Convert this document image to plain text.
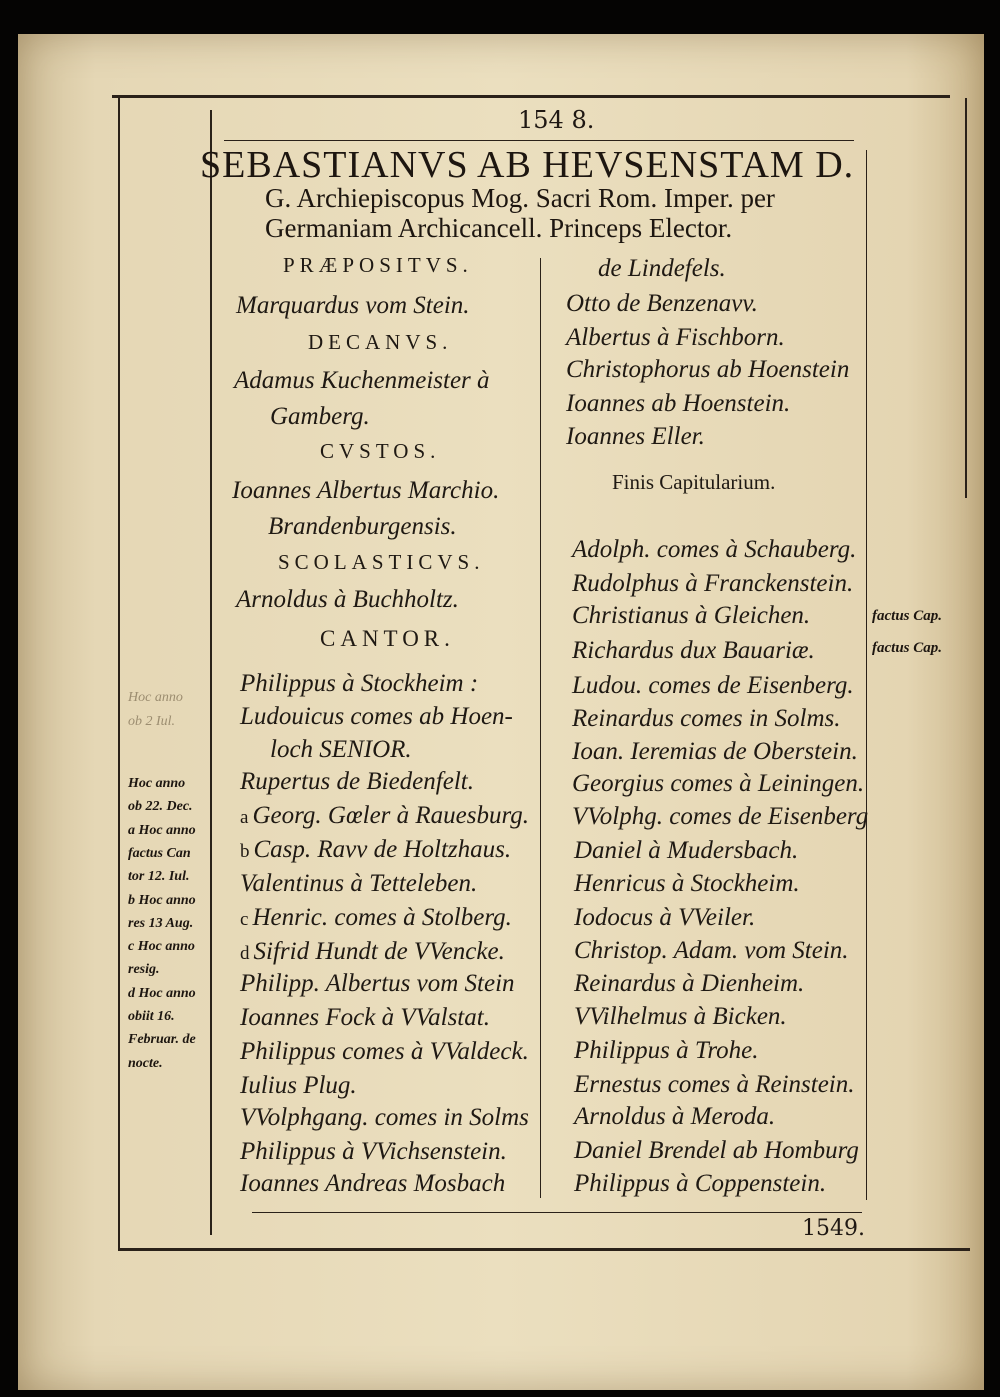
154 8.
1549.
SEBASTIANVS AB HEVSENSTAM D.
G. Archiepiscopus Mog. Sacri Rom. Imper. per
Germaniam Archicancell. Princeps Elector.
PRÆPOSITVS.
Marquardus vom Stein.
DECANVS.
Adamus Kuchenmeister à
Gamberg.
CVSTOS.
Ioannes Albertus Marchio.
Brandenburgensis.
SCOLASTICVS.
Arnoldus à Buchholtz.
CANTOR.
Philippus à Stockheim :
Ludouicus comes ab Hoen-
loch SENIOR.
Rupertus de Biedenfelt.
a Georg. Gœler à Rauesburg.
b Casp. Ravv de Holtzhaus.
Valentinus à Tetteleben.
c Henric. comes à Stolberg.
d Sifrid Hundt de VVencke.
Philipp. Albertus vom Stein
Ioannes Fock à VValstat.
Philippus comes à VValdeck.
Iulius Plug.
VVolphgang. comes in Solms
Philippus à VVichsenstein.
Ioannes Andreas Mosbach
de Lindefels.
Otto de Benzenavv.
Albertus à Fischborn.
Christophorus ab Hoenstein
Ioannes ab Hoenstein.
Ioannes Eller.
Finis Capitularium.
Adolph. comes à Schauberg.
Rudolphus à Franckenstein.
Christianus à Gleichen.
Richardus dux Bauariæ.
Ludou. comes de Eisenberg.
Reinardus comes in Solms.
Ioan. Ieremias de Oberstein.
Georgius comes à Leiningen.
VVolphg. comes de Eisenberg
Daniel à Mudersbach.
Henricus à Stockheim.
Iodocus à VVeiler.
Christop. Adam. vom Stein.
Reinardus à Dienheim.
VVilhelmus à Bicken.
Philippus à Trohe.
Ernestus comes à Reinstein.
Arnoldus à Meroda.
Daniel Brendel ab Homburg
Philippus à Coppenstein.
Hoc anno
ob 2 Iul.
Hoc anno
ob 22. Dec.
a Hoc anno
factus Can
tor 12. Iul.
b Hoc anno
res 13 Aug.
c Hoc anno
resig.
d Hoc anno
obiit 16.
Februar. de
nocte.
factus Cap.
factus Cap.
